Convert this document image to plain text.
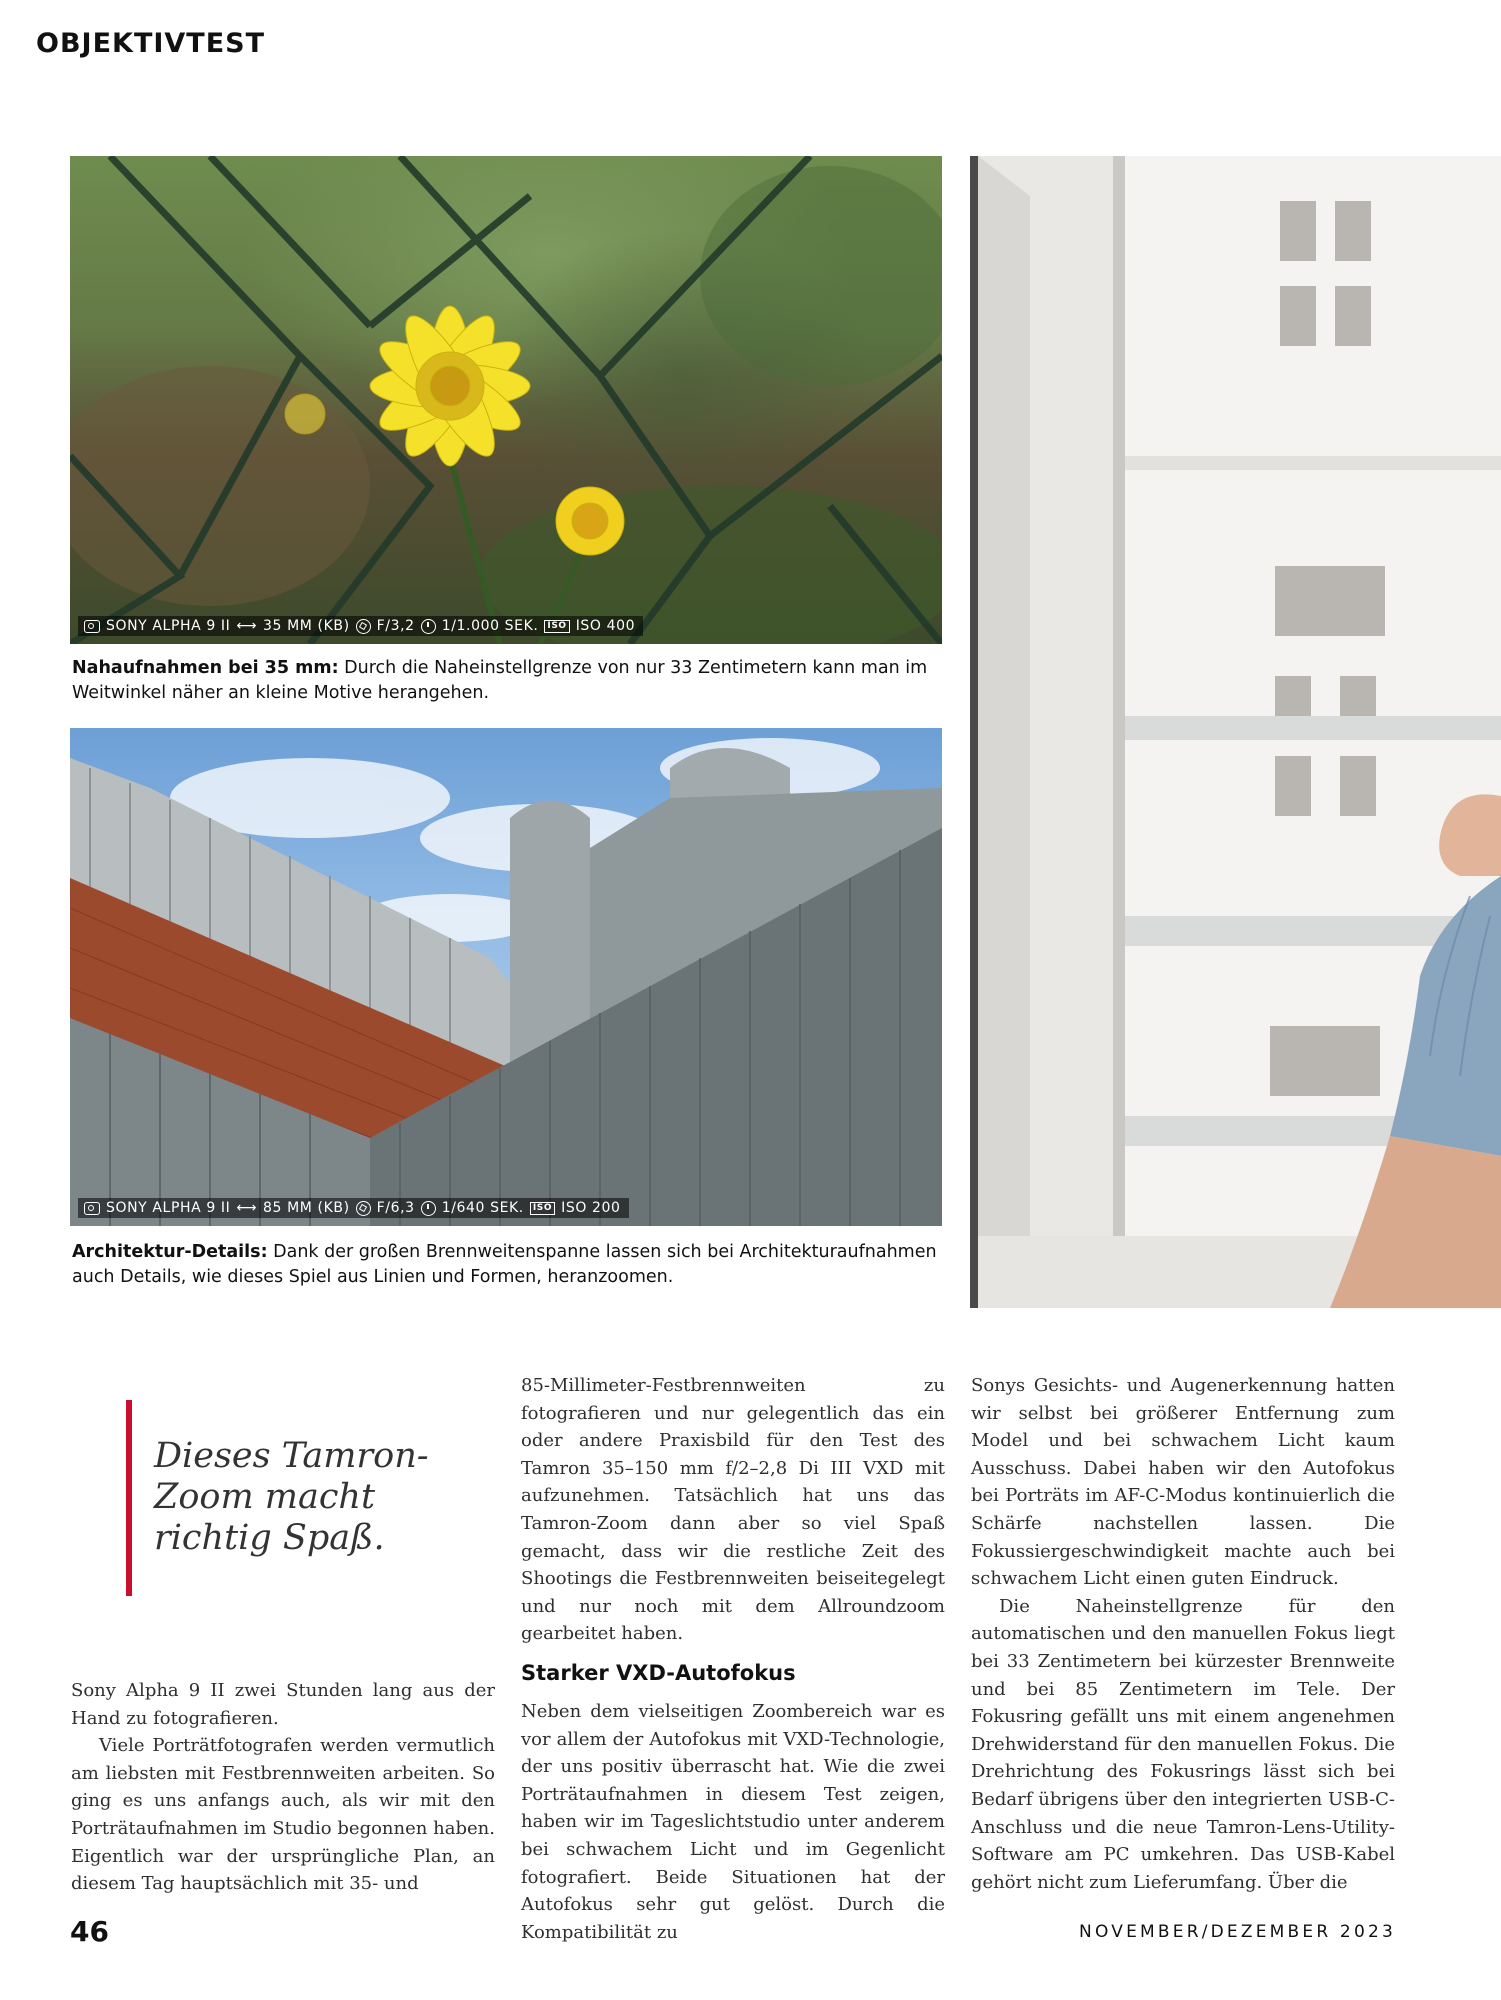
OBJEKTIVTEST
SONY ALPHA 9 II ⟷ 35 MM (KB) F/3,2 1/1.000 SEK.	ISO ISO 400
Nahaufnahmen bei 35 mm: Durch die Naheinstellgrenze von nur 33 Zentimetern kann man im Weitwinkel näher an kleine Motive herangehen.
SONY ALPHA 9 II ⟷ 85 MM (KB) F/6,3 1/640 SEK.	ISO ISO 200
Architektur-Details: Dank der großen Brennweitenspanne lassen sich bei Architekturaufnahmen auch Details, wie dieses Spiel aus Linien und Formen, heranzoomen.

Dieses Tamron-Zoom macht richtig Spaß.

Sony Alpha 9 II zwei Stunden lang aus der Hand zu fotografieren.

Viele Porträtfotografen werden vermutlich am liebsten mit Festbrennweiten arbeiten. So ging es uns anfangs auch, als wir mit den Porträtaufnahmen im Studio begonnen haben. Eigentlich war der ursprüngliche Plan, an diesem Tag hauptsächlich mit 35- und

85-Millimeter-Festbrennweiten zu fotografieren und nur gelegentlich das ein oder andere Praxisbild für den Test des Tamron 35–150 mm f/2–2,8 Di III VXD mit aufzunehmen. Tatsächlich hat uns das Tamron-Zoom dann aber so viel Spaß gemacht, dass wir die restliche Zeit des Shootings die Festbrennweiten beiseitegelegt und nur noch mit dem Allroundzoom gearbeitet haben.

Starker VXD-Autofokus

Neben dem vielseitigen Zoombereich war es vor allem der Autofokus mit VXD-Technologie, der uns positiv überrascht hat. Wie die zwei Porträtaufnahmen in diesem Test zeigen, haben wir im Tageslichtstudio unter anderem bei schwachem Licht und im Gegenlicht fotografiert. Beide Situationen hat der Autofokus sehr gut gelöst. Durch die Kompatibilität zu

Sonys Gesichts- und Augenerkennung hatten wir selbst bei größerer Entfernung zum Model und bei schwachem Licht kaum Ausschuss. Dabei haben wir den Autofokus bei Porträts im AF-C-Modus kontinuierlich die Schärfe nachstellen lassen. Die Fokussiergeschwindigkeit machte auch bei schwachem Licht einen guten Eindruck.

Die Naheinstellgrenze für den automatischen und den manuellen Fokus liegt bei 33 Zentimetern bei kürzester Brennweite und bei 85 Zentimetern im Tele. Der Fokusring gefällt uns mit einem angenehmen Drehwiderstand für den manuellen Fokus. Die Drehrichtung des Fokusrings lässt sich bei Bedarf übrigens über den integrierten USB-C-Anschluss und die neue Tamron-Lens-Utility-Software am PC umkehren. Das USB-Kabel gehört nicht zum Lieferumfang. Über die

46	NOVEMBER/DEZEMBER 2023
